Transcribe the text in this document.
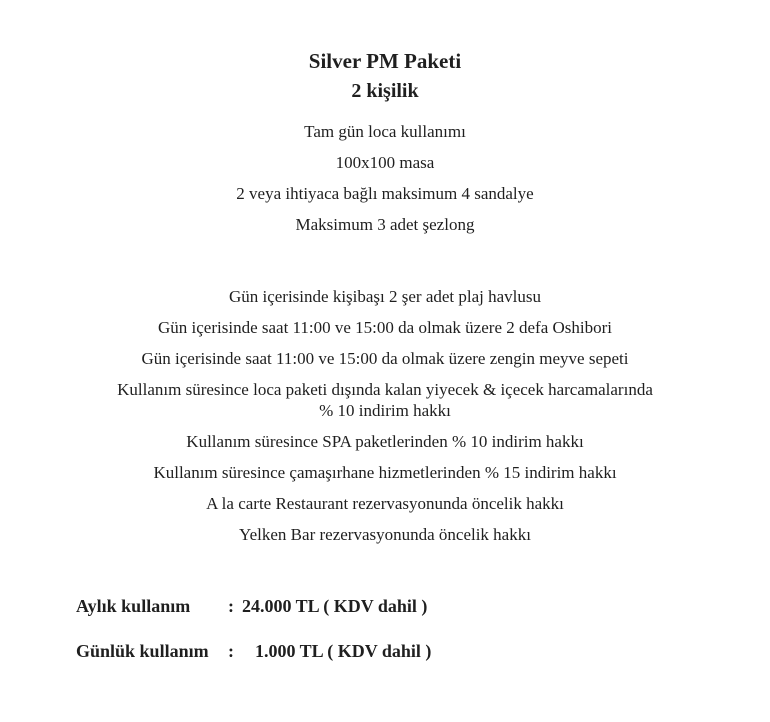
Silver PM Paketi
2 kişilik

Tam gün loca kullanımı

100x100 masa

2 veya ihtiyaca bağlı maksimum 4 sandalye

Maksimum 3 adet şezlong

Gün içerisinde kişibaşı 2 şer adet plaj havlusu

Gün içerisinde saat 11:00 ve 15:00 da olmak üzere 2 defa Oshibori

Gün içerisinde saat 11:00 ve 15:00 da olmak üzere zengin meyve sepeti

Kullanım süresince loca paketi dışında kalan yiyecek & içecek harcamalarında

% 10 indirim hakkı

Kullanım süresince SPA paketlerinden % 10 indirim hakkı

Kullanım süresince çamaşırhane hizmetlerinden % 15 indirim hakkı

A la carte Restaurant rezervasyonunda öncelik hakkı

Yelken Bar rezervasyonunda öncelik hakkı

Aylık kullanım	: 24.000 TL ( KDV dahil )
Günlük kullanım	:	1.000 TL ( KDV dahil )
